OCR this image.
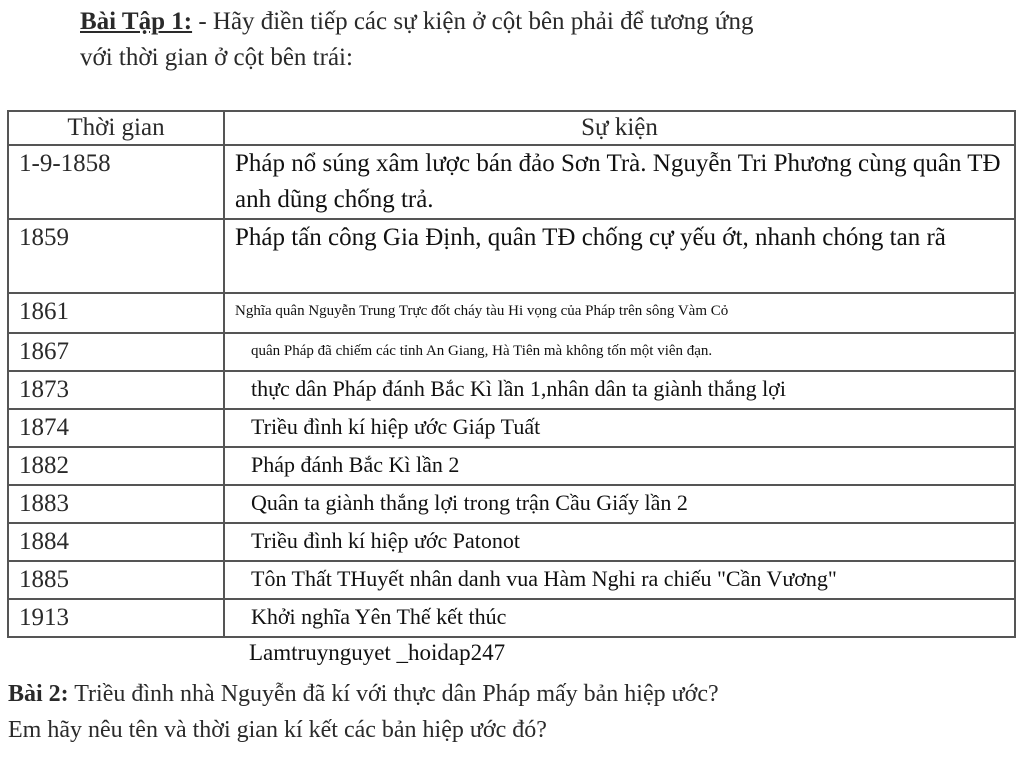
Bài Tập 1: - Hãy điền tiếp các sự kiện ở cột bên phải để tương ứng
với thời gian ở cột bên trái:
Thời gian	Sự kiện
1-9-1858	Pháp nổ súng xâm lược bán đảo Sơn Trà. Nguyễn Tri Phương cùng quân TĐ anh dũng chống trả.
1859	Pháp tấn công Gia Định, quân TĐ chống cự yếu ớt, nhanh chóng tan rã
1861	Nghĩa quân Nguyễn Trung Trực đốt cháy tàu Hi vọng của Pháp trên sông Vàm Cỏ
1867	quân Pháp đã chiếm các tỉnh An Giang, Hà Tiên mà không tốn một viên đạn.
1873	thực dân Pháp đánh Bắc Kì lần 1,nhân dân ta giành thắng lợi
1874	Triều đình kí hiệp ước Giáp Tuất
1882	Pháp đánh Bắc Kì lần 2
1883	Quân ta giành thắng lợi trong trận Cầu Giấy lần 2
1884	Triều đình kí hiệp ước Patonot
1885	Tôn Thất THuyết nhân danh vua Hàm Nghi ra chiếu "Cần Vương"
1913	Khởi nghĩa Yên Thế kết thúc
Lamtruynguyet _hoidap247
Bài 2: Triều đình nhà Nguyễn đã kí với thực dân Pháp mấy bản hiệp ước?
Em hãy nêu tên và thời gian kí kết các bản hiệp ước đó?
